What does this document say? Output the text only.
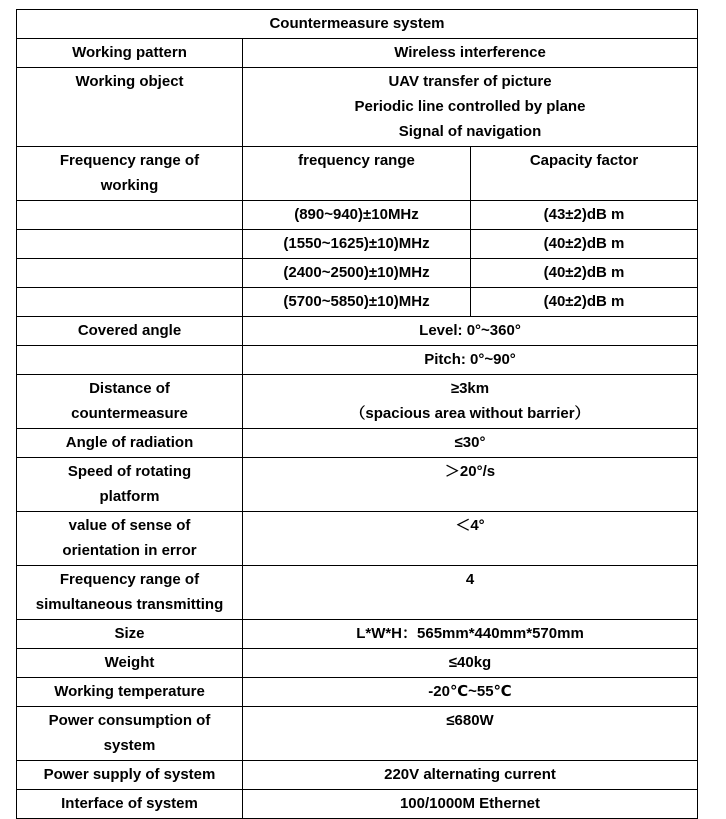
Countermeasure system		
Working pattern	Wireless interference	
Working object	UAV transfer of picture
Periodic line controlled by plane
Signal of navigation	

Frequency range of
working	frequency range	Capacity factor
	(890~940)±10MHz	(43±2)dB m
	(1550~1625)±10)MHz	(40±2)dB m
	(2400~2500)±10)MHz	(40±2)dB m
	(5700~5850)±10)MHz	(40±2)dB m
Covered angle	Level: 0°~360°	
	Pitch: 0°~90°	

Distance of
countermeasure	≥3km
（spacious area without barrier）	

Angle of radiation	≤30°	

Speed of rotating
platform	＞20°/s	

value of sense of
orientation in error	＜4°	

Frequency range of
simultaneous transmitting	4	
Size	L*W*H：565mm*440mm*570mm	
Weight	≤40kg	
Working temperature	-20℃~55℃	

Power consumption of
system	≤680W	
Power supply of system	220V alternating current	
Interface of system	100/1000M Ethernet	
